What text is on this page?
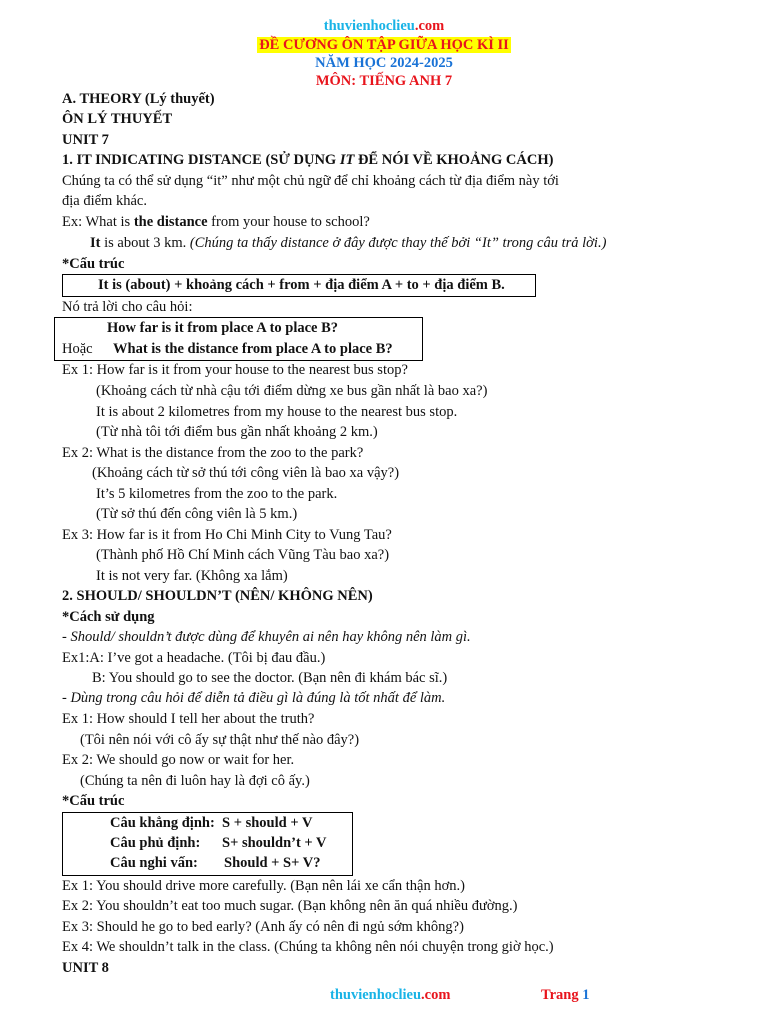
thuvienhoclieu.com
ĐỀ CƯƠNG ÔN TẬP GIỮA HỌC KÌ II
NĂM HỌC 2024-2025
MÔN: TIẾNG ANH 7
A. THEORY (Lý thuyết)
ÔN LÝ THUYẾT
UNIT 7
1. IT INDICATING DISTANCE (SỬ DỤNG IT ĐỂ NÓI VỀ KHOẢNG CÁCH)
Chúng ta có thể sử dụng “it” như một chủ ngữ để chỉ khoảng cách từ địa điểm này tới
địa điểm khác.
Ex: What is the distance from your house to school?
It is about 3 km. (Chúng ta thấy distance ở đây được thay thế bởi “It” trong câu trả lời.)
*Cấu trúc
It is (about) + khoảng cách + from + địa điểm A + to + địa điểm B.
Nó trả lời cho câu hỏi:
How far is it from place A to place B?
Hoặc What is the distance from place A to place B?
Ex 1: How far is it from your house to the nearest bus stop?
(Khoảng cách từ nhà cậu tới điểm dừng xe bus gần nhất là bao xa?)
It is about 2 kilometres from my house to the nearest bus stop.
(Từ nhà tôi tới điểm bus gần nhất khoảng 2 km.)
Ex 2: What is the distance from the zoo to the park?
(Khoảng cách từ sở thú tới công viên là bao xa vậy?)
It’s 5 kilometres from the zoo to the park.
(Từ sở thú đến công viên là 5 km.)
Ex 3: How far is it from Ho Chi Minh City to Vung Tau?
(Thành phố Hồ Chí Minh cách Vũng Tàu bao xa?)
It is not very far. (Không xa lắm)
2. SHOULD/ SHOULDN’T (NÊN/ KHÔNG NÊN)
*Cách sử dụng
- Should/ shouldn’t được dùng để khuyên ai nên hay không nên làm gì.
Ex1:A: I’ve got a headache. (Tôi bị đau đầu.)
B: You should go to see the doctor. (Bạn nên đi khám bác sĩ.)
- Dùng trong câu hỏi để diễn tả điều gì là đúng là tốt nhất để làm.
Ex 1: How should I tell her about the truth?
(Tôi nên nói với cô ấy sự thật như thế nào đây?)
Ex 2: We should go now or wait for her.
(Chúng ta nên đi luôn hay là đợi cô ấy.)
*Cấu trúc
Câu khẳng định: S + should + V
Câu phủ định: S+ shouldn’t + V
Câu nghi vấn: Should + S+ V?
Ex 1: You should drive more carefully. (Bạn nên lái xe cẩn thận hơn.)
Ex 2: You shouldn’t eat too much sugar. (Bạn không nên ăn quá nhiều đường.)
Ex 3: Should he go to bed early? (Anh ấy có nên đi ngủ sớm không?)
Ex 4: We shouldn’t talk in the class. (Chúng ta không nên nói chuyện trong giờ học.)
UNIT 8
thuvienhoclieu.com	Trang 1
